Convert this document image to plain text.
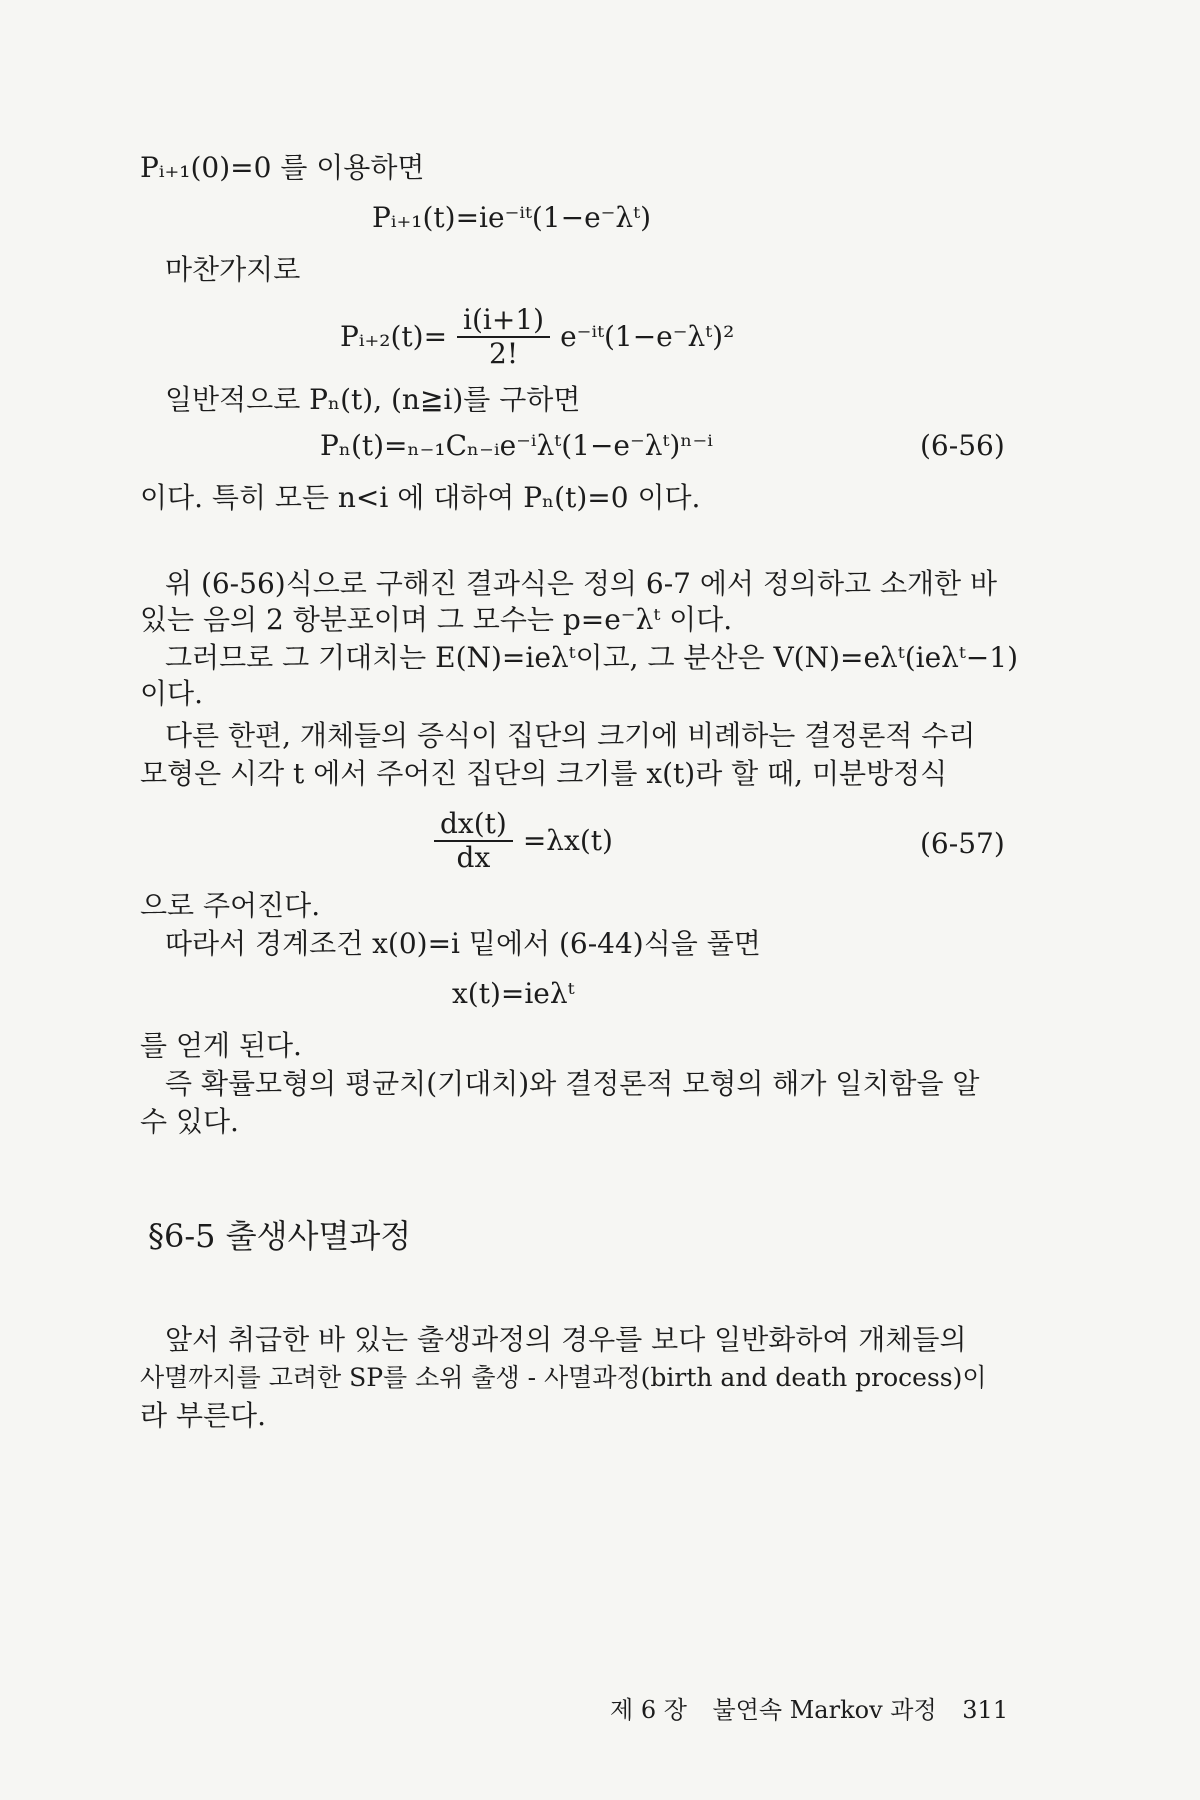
Pᵢ₊₁(0)=0 를 이용하면
Pᵢ₊₁(t)=ie⁻ⁱᵗ(1−e⁻λᵗ)
마찬가지로
Pᵢ₊₂(t)= $\frac{i(i+1)}{2!}$ e⁻ⁱᵗ(1−e⁻λᵗ)²
일반적으로 Pₙ(t), (n≧i)를 구하면
Pₙ(t)=ₙ₋₁Cₙ₋ᵢe⁻ⁱλᵗ(1−e⁻λᵗ)ⁿ⁻ⁱ	(6-56)
이다. 특히 모든 n<i 에 대하여 Pₙ(t)=0 이다.
위 (6-56)식으로 구해진 결과식은 정의 6-7 에서 정의하고 소개한 바
있는 음의 2 항분포이며 그 모수는 p=e⁻λᵗ 이다.
그러므로 그 기대치는 E(N)=ieλᵗ이고, 그 분산은 V(N)=eλᵗ(ieλᵗ−1)
이다.
다른 한편, 개체들의 증식이 집단의 크기에 비례하는 결정론적 수리
모형은 시각 t 에서 주어진 집단의 크기를 x(t)라 할 때, 미분방정식
$\frac{dx(t)}{dx} =\lambda x(t)$	(6-57)
으로 주어진다.
따라서 경계조건 x(0)=i 밑에서 (6-44)식을 풀면
x(t)=ieλᵗ
를 얻게 된다.
즉 확률모형의 평균치(기대치)와 결정론적 모형의 해가 일치함을 알
수 있다.
§6-5 출생사멸과정
앞서 취급한 바 있는 출생과정의 경우를 보다 일반화하여 개체들의
사멸까지를 고려한 SP를 소위 출생 - 사멸과정(birth and death process)이
라 부른다.
제 6 장 불연속 Markov 과정 311
